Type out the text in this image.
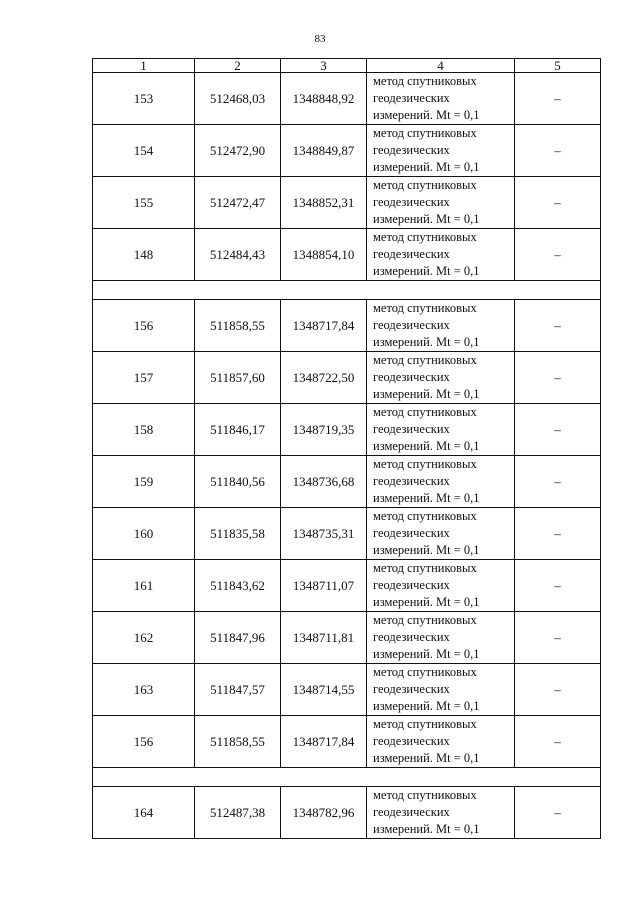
83
1	2	3	4	5
153	512468,03	1348848,92	метод спутниковых
геодезических
измерений. Mt = 0,1	–
154	512472,90	1348849,87	метод спутниковых
геодезических
измерений. Mt = 0,1	–
155	512472,47	1348852,31	метод спутниковых
геодезических
измерений. Mt = 0,1	–
148	512484,43	1348854,10	метод спутниковых
геодезических
измерений. Mt = 0,1	–

156	511858,55	1348717,84	метод спутниковых
геодезических
измерений. Mt = 0,1	–
157	511857,60	1348722,50	метод спутниковых
геодезических
измерений. Mt = 0,1	–
158	511846,17	1348719,35	метод спутниковых
геодезических
измерений. Mt = 0,1	–
159	511840,56	1348736,68	метод спутниковых
геодезических
измерений. Mt = 0,1	–
160	511835,58	1348735,31	метод спутниковых
геодезических
измерений. Mt = 0,1	–
161	511843,62	1348711,07	метод спутниковых
геодезических
измерений. Mt = 0,1	–
162	511847,96	1348711,81	метод спутниковых
геодезических
измерений. Mt = 0,1	–
163	511847,57	1348714,55	метод спутниковых
геодезических
измерений. Mt = 0,1	–
156	511858,55	1348717,84	метод спутниковых
геодезических
измерений. Mt = 0,1	–

164	512487,38	1348782,96	метод спутниковых
геодезических
измерений. Mt = 0,1	–
